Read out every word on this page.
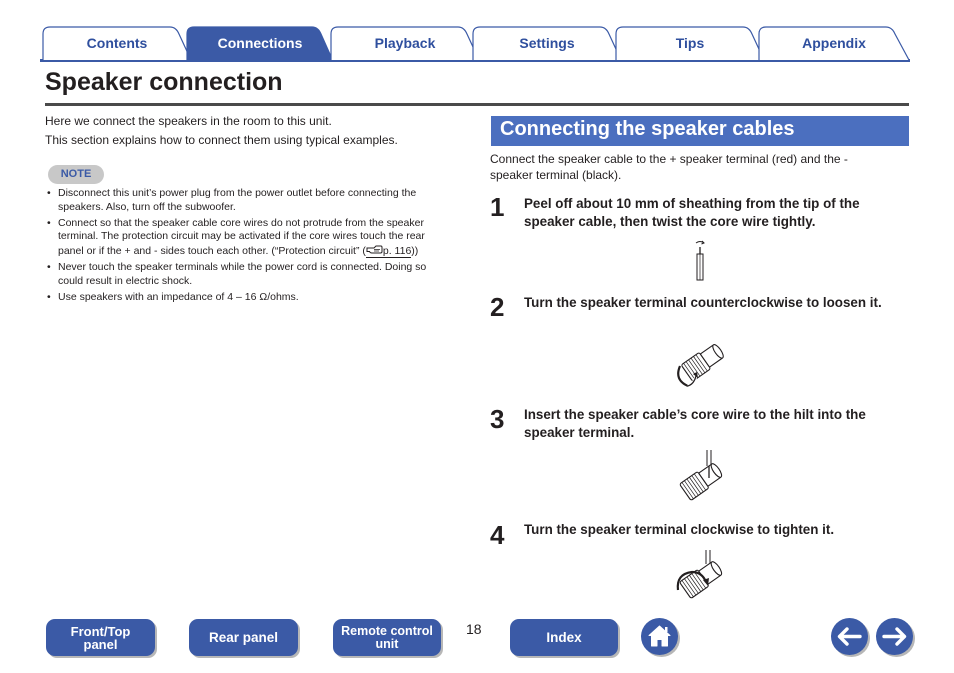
Contents	Connections	Playback	Settings	Tips	Appendix
Speaker connection

Here we connect the speakers in the room to this unit.

This section explains how to connect them using typical examples.

NOTE
• Disconnect this unit’s power plug from the power outlet before connecting the speakers. Also, turn off the subwoofer.
• Connect so that the speaker cable core wires do not protrude from the speaker terminal. The protection circuit may be activated if the core wires touch the rear panel or if the + and - sides touch each other. (“Protection circuit” ( p. 116))
• Never touch the speaker terminals while the power cord is connected. Doing so could result in electric shock.
• Use speakers with an impedance of 4 – 16 Ω/ohms.
Connecting the speaker cables
Connect the speaker cable to the + speaker terminal (red) and the - speaker terminal (black).
1 Peel off about 10 mm of sheathing from the tip of the speaker cable, then twist the core wire tightly.
2 Turn the speaker terminal counterclockwise to loosen it.
3 Insert the speaker cable’s core wire to the hilt into the speaker terminal.
4 Turn the speaker terminal clockwise to tighten it.
Front/Top
panel	Rear panel	Remote control
unit
18
Index
